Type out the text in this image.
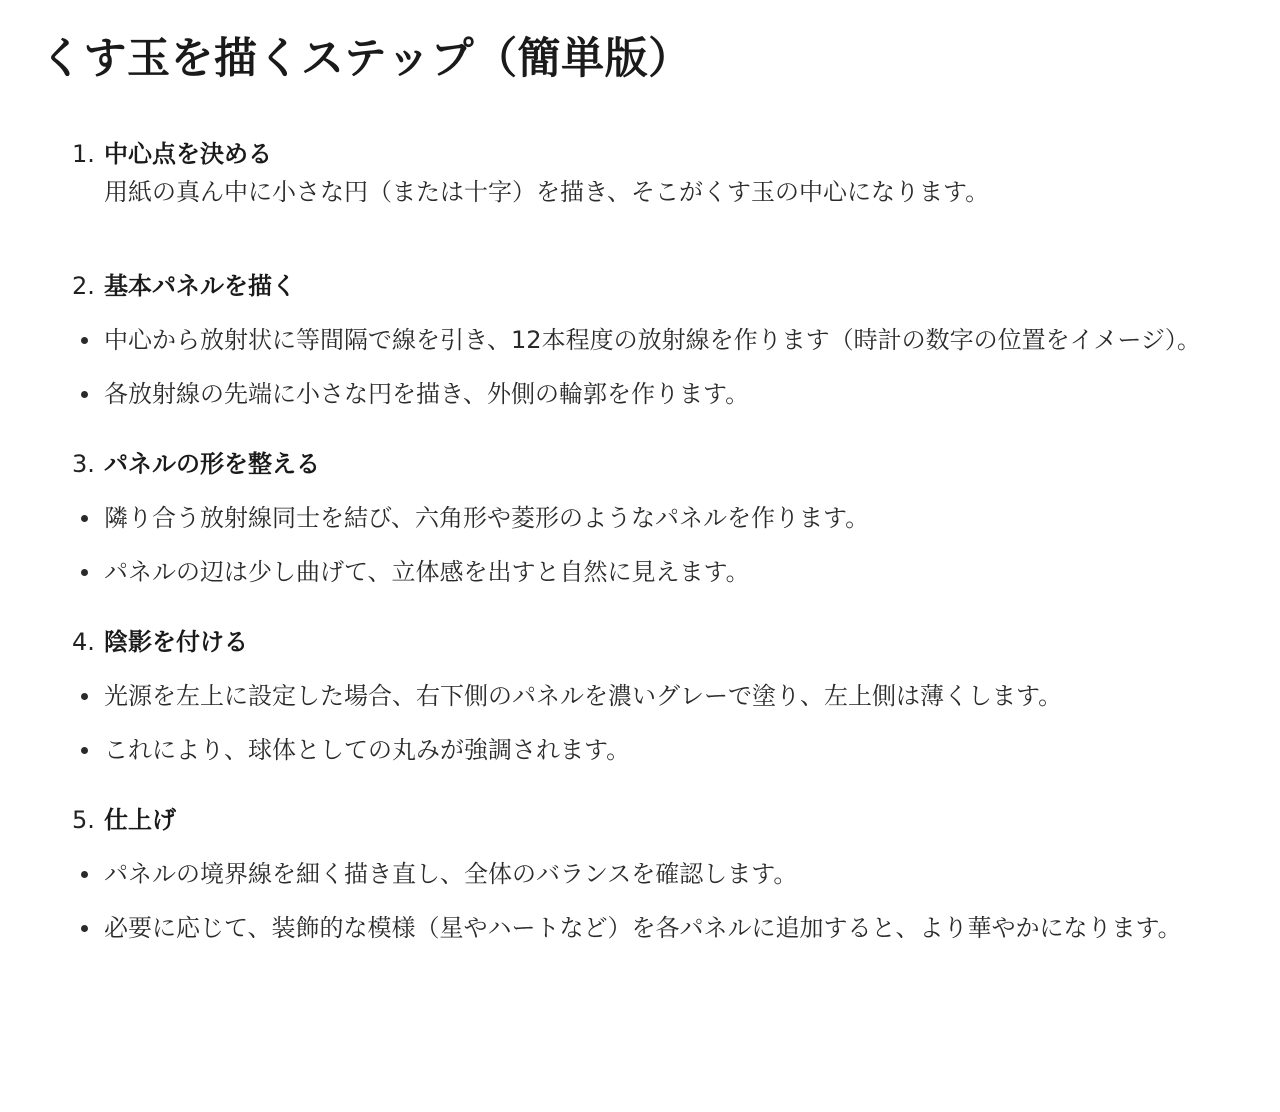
くす玉を描くステップ（簡単版）
1. 中心点を決める
用紙の真ん中に小さな円（または十字）を描き、そこがくす玉の中心になります。
2. 基本パネルを描く
中心から放射状に等間隔で線を引き、12本程度の放射線を作ります（時計の数字の位置をイメージ）。
各放射線の先端に小さな円を描き、外側の輪郭を作ります。
3. パネルの形を整える
隣り合う放射線同士を結び、六角形や菱形のようなパネルを作ります。
パネルの辺は少し曲げて、立体感を出すと自然に見えます。
4. 陰影を付ける
光源を左上に設定した場合、右下側のパネルを濃いグレーで塗り、左上側は薄くします。
これにより、球体としての丸みが強調されます。
5. 仕上げ
パネルの境界線を細く描き直し、全体のバランスを確認します。
必要に応じて、装飾的な模様（星やハートなど）を各パネルに追加すると、より華やかになります。
